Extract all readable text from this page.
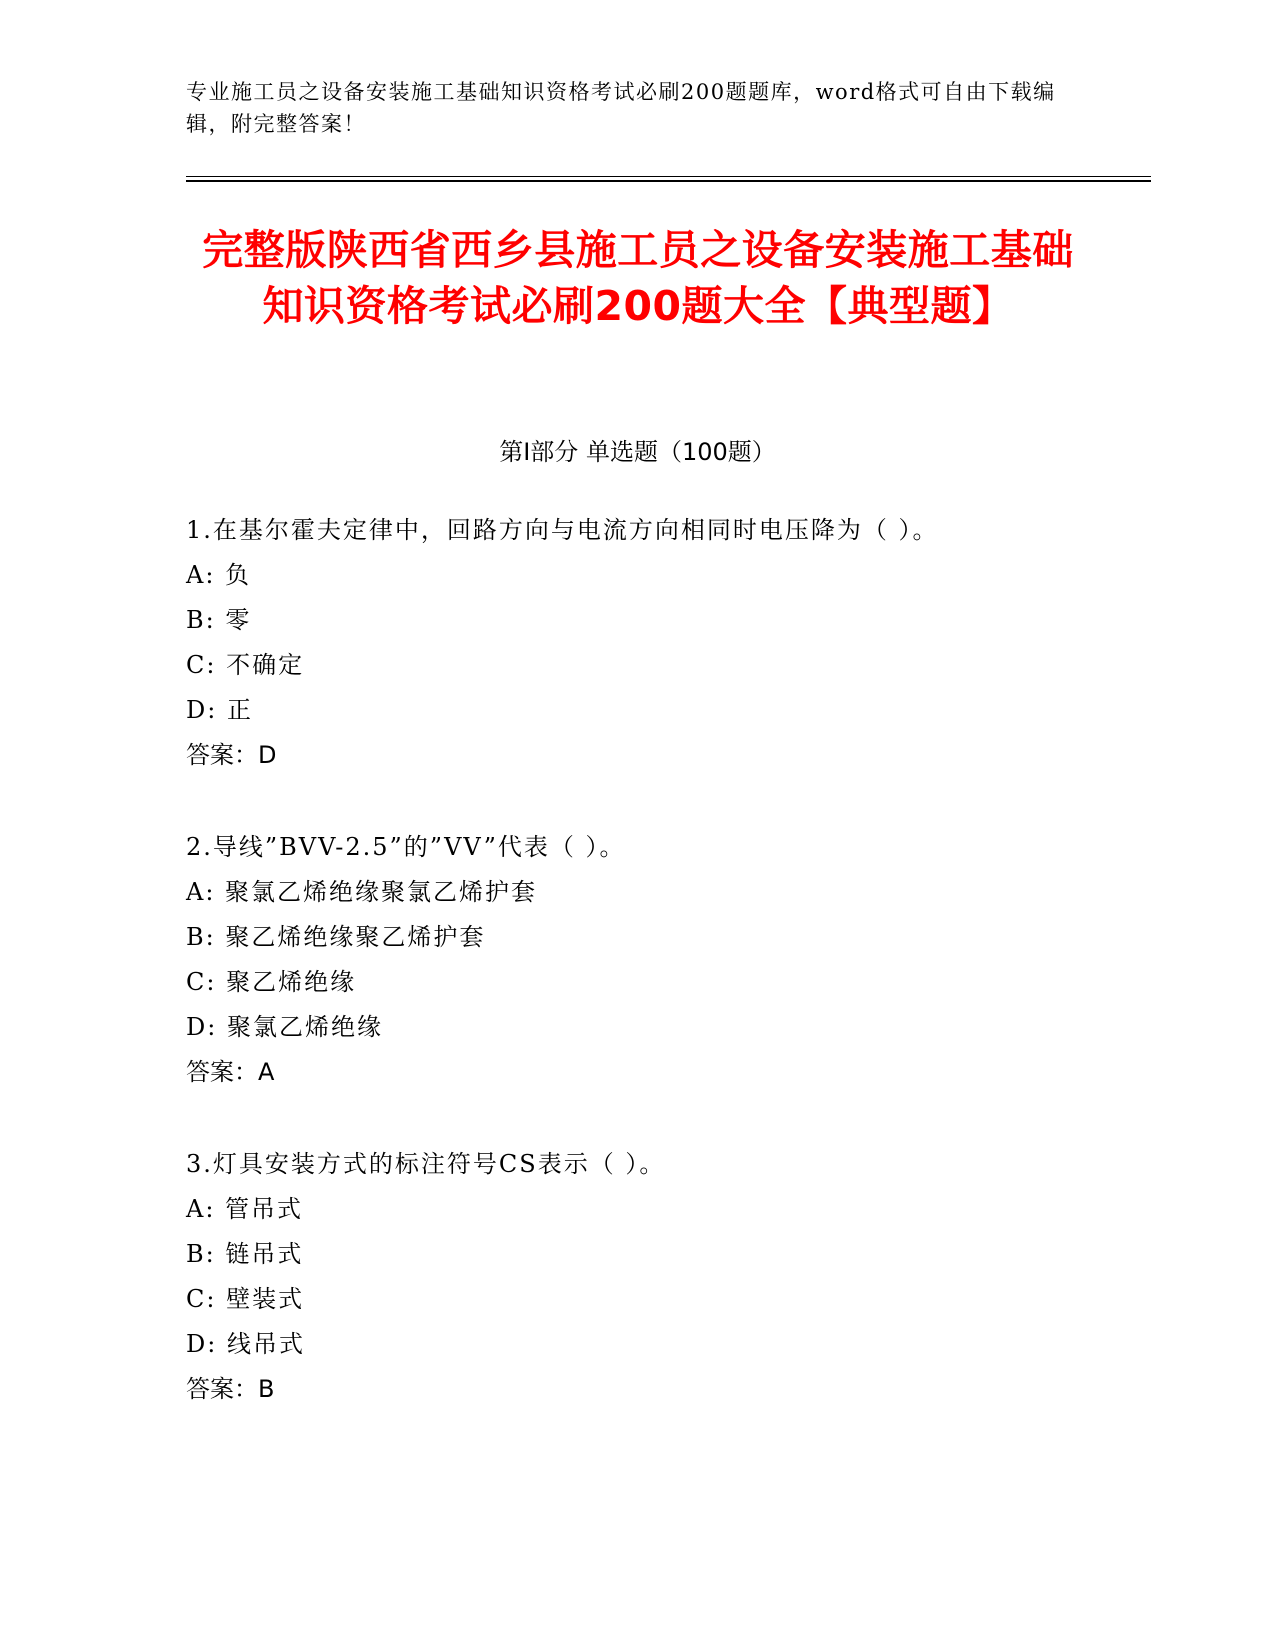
专业施工员之设备安装施工基础知识资格考试必刷200题题库，word格式可自由下载编辑，附完整答案！
完整版陕西省西乡县施工员之设备安装施工基础知识资格考试必刷200题大全【典型题】
第I部分 单选题（100题）
1.在基尔霍夫定律中，回路方向与电流方向相同时电压降为（ ）。
A: 负
B: 零
C: 不确定
D: 正
答案：D
2.导线”BVV-2.5”的”VV”代表（ ）。
A: 聚氯乙烯绝缘聚氯乙烯护套
B: 聚乙烯绝缘聚乙烯护套
C: 聚乙烯绝缘
D: 聚氯乙烯绝缘
答案：A
3.灯具安装方式的标注符号CS表示（ ）。
A: 管吊式
B: 链吊式
C: 壁装式
D: 线吊式
答案：B
